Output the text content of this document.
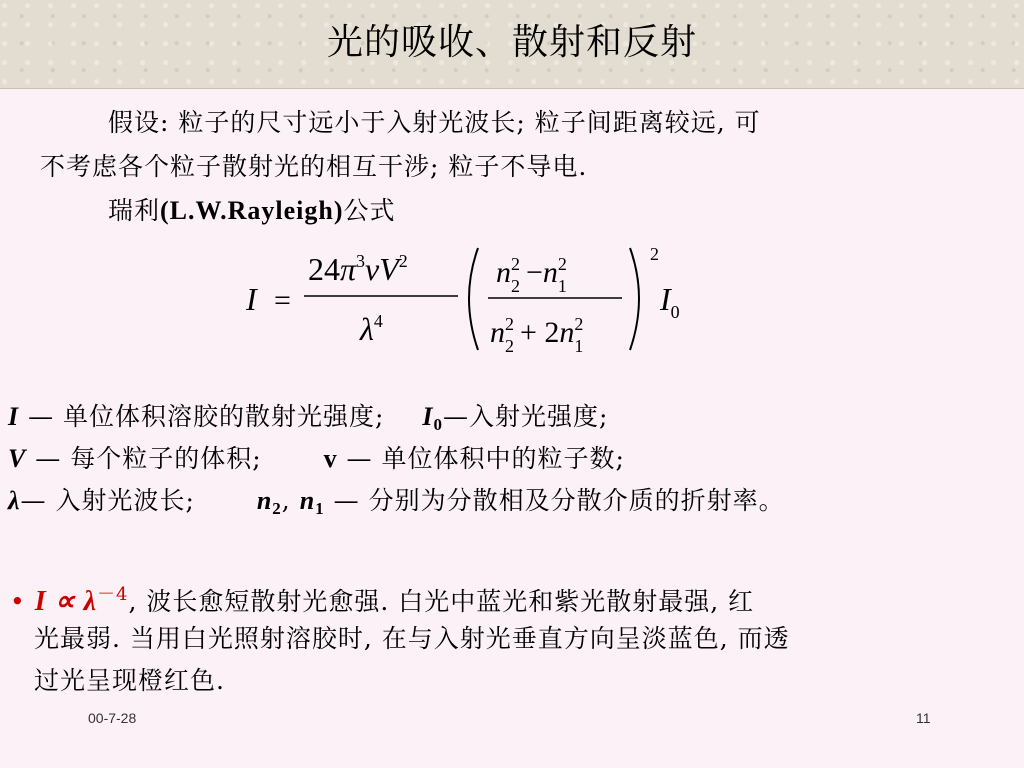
光的吸收、散射和反射
假设: 粒子的尺寸远小于入射光波长; 粒子间距离较远, 可
不考虑各个粒子散射光的相互干涉; 粒子不导电.
瑞利(L.W.Rayleigh)公式
I =
$24\pi^3vV^2$
$\lambda^4$
2
$n_22 -n_12$
$n_22 + 2n_12$
$I_0$
I — 单位体积溶胶的散射光强度; $I_0—$入射光强度;
V — 每个粒子的体积; v — 单位体积中的粒子数;
λ— 入射光波长; $n_2$, $n_1$ — 分别为分散相及分散介质的折射率。
• $I \propto \lambda^{-4}$, 波长愈短散射光愈强. 白光中蓝光和紫光散射最强, 红
光最弱. 当用白光照射溶胶时, 在与入射光垂直方向呈淡蓝色, 而透
过光呈现橙红色.
00-7-28	11
